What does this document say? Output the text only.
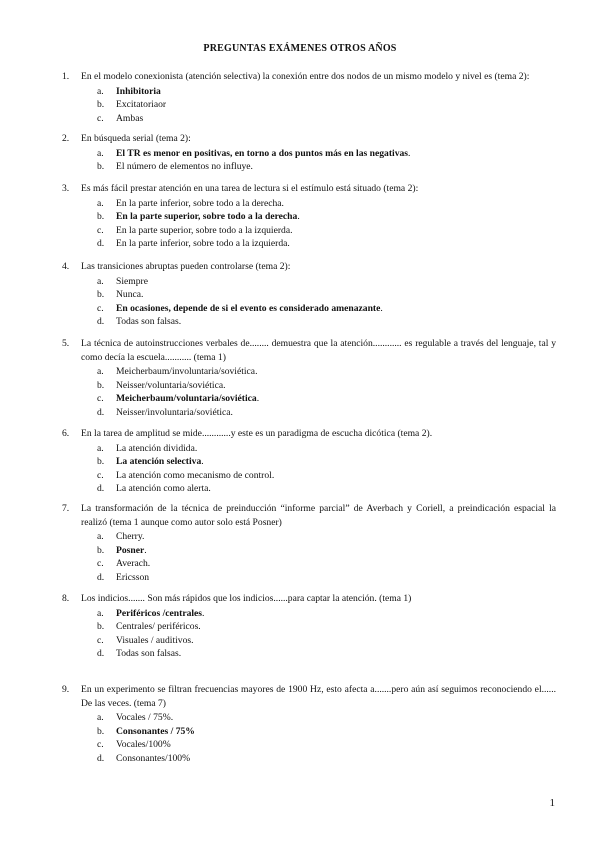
PREGUNTAS EXÁMENES OTROS AÑOS
1.	En el modelo conexionista (atención selectiva) la conexión entre dos nodos de un mismo modelo y nivel es (tema 2):
a.	Inhibitoria
b.	Excitatoriaor
c.	Ambas
2.	En búsqueda serial (tema 2):
a.	El TR es menor en positivas, en torno a dos puntos más en las negativas.
b.	El número de elementos no influye.
3.	Es más fácil prestar atención en una tarea de lectura si el estímulo está situado (tema 2):
a.	En la parte inferior, sobre todo a la derecha.
b.	En la parte superior, sobre todo a la derecha.
c.	En la parte superior, sobre todo a la izquierda.
d.	En la parte inferior, sobre todo a la izquierda.
4.	Las transiciones abruptas pueden controlarse (tema 2):
a.	Siempre
b.	Nunca.
c.	En ocasiones, depende de si el evento es considerado amenazante.
d.	Todas son falsas.
5.	La técnica de autoinstrucciones verbales de........ demuestra que la atención............ es regulable a través del lenguaje, tal y como decía la escuela........... (tema 1)
a.	Meicherbaum/involuntaria/soviética.
b.	Neisser/voluntaria/soviética.
c.	Meicherbaum/voluntaria/soviética.
d.	Neisser/involuntaria/soviética.
6.	En la tarea de amplitud se mide............y este es un paradigma de escucha dicótica (tema 2).
a.	La atención dividida.
b.	La atención selectiva.
c.	La atención como mecanismo de control.
d.	La atención como alerta.
7.	La transformación de la técnica de preinducción “informe parcial” de Averbach y Coriell, a preindicación espacial la realizó (tema 1 aunque como autor solo está Posner)
a.	Cherry.
b.	Posner.
c.	Averach.
d.	Ericsson
8.	Los indicios....... Son más rápidos que los indicios......para captar la atención. (tema 1)
a.	Periféricos /centrales.
b.	Centrales/ periféricos.
c.	Visuales / auditivos.
d.	Todas son falsas.
9.	En un experimento se filtran frecuencias mayores de 1900 Hz, esto afecta a.......pero aún así seguimos reconociendo el...... De las veces. (tema 7)
a.	Vocales / 75%.
b.	Consonantes / 75%
c.	Vocales/100%
d.	Consonantes/100%
1
